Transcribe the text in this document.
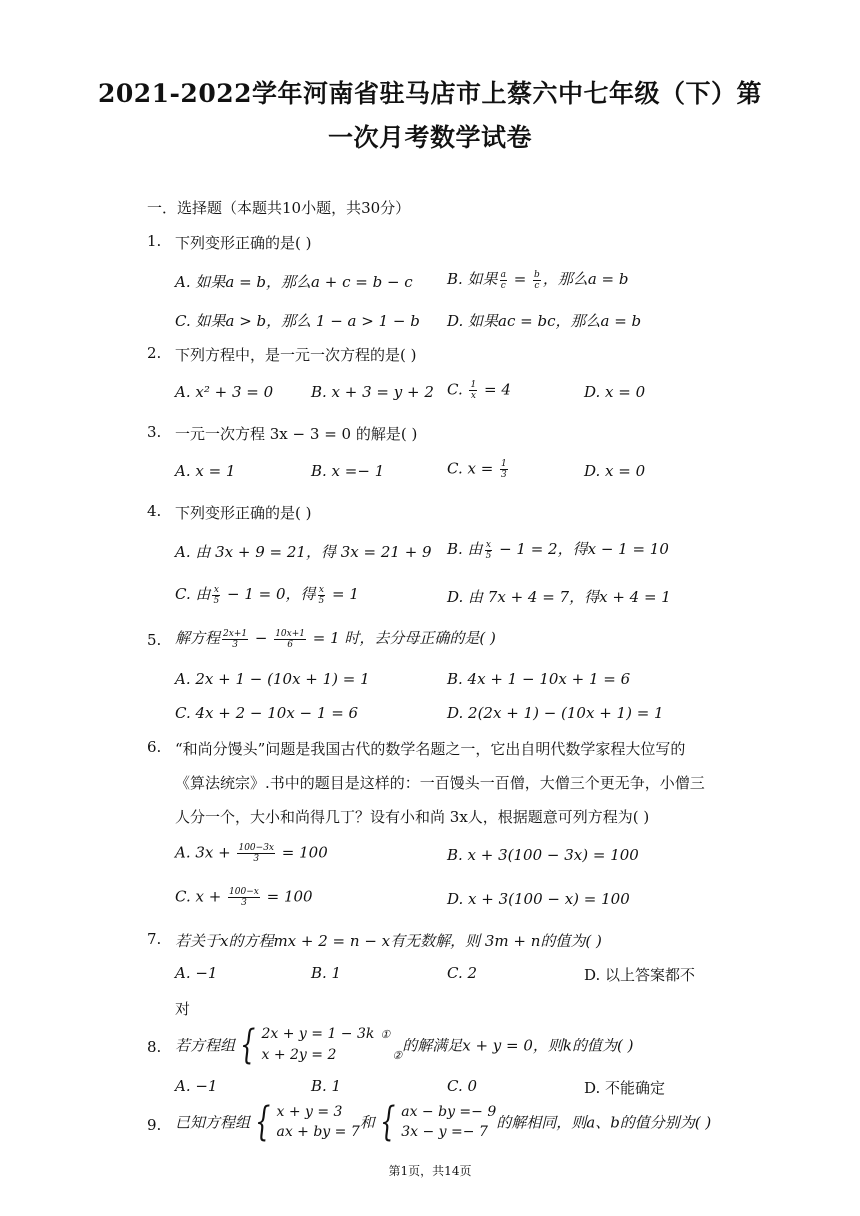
2021-2022学年河南省驻马店市上蔡六中七年级（下）第
一次月考数学试卷
一．选择题（本题共10小题，共30分）
1. 下列变形正确的是( )
A. 如果a = b，那么a + c = b − c B. 如果 $\frac{a}{c} = \frac{b}{c}$ ，那么a = b
C. 如果a > b，那么 1 − a > 1 − b D. 如果ac = bc，那么a = b
2. 下列方程中，是一元一次方程的是( )
A. x² + 3 = 0	B. x + 3 = y + 2 C. $\frac{1}{x} = 4$	D. x = 0
3. 一元一次方程 3x − 3 = 0 的解是( )
A. x = 1	B. x =− 1	C. $x = \frac{1}{3}$	D. x = 0
4. 下列变形正确的是( )
A. 由 3x + 9 = 21，得 3x = 21 + 9 B. 由 $\frac{x}{5} - 1 = 2$，得x − 1 = 10
C. 由 $\frac{x}{5} - 1 = 0$，得 $\frac{x}{5} = 1$	D. 由 7x + 4 = 7，得x + 4 = 1
5. 解方程 $\frac{2x+1}{3} - \frac{10x+1}{6} = 1$ 时，去分母正确的是( )
A. 2x + 1 − (10x + 1) = 1	B. 4x + 1 − 10x + 1 = 6
C. 4x + 2 − 10x − 1 = 6	D. 2(2x + 1) − (10x + 1) = 1
6. “和尚分馒头”问题是我国古代的数学名题之一，它出自明代数学家程大位写的
《算法统宗》.书中的题目是这样的：一百馒头一百僧，大僧三个更无争，小僧三
人分一个，大小和尚得几丁？设有小和尚 3x人，根据题意可列方程为( )
A. $3x + \frac{100-3x}{3} = 100$	B. x + 3(100 − 3x) = 100
C. $x + \frac{100-x}{3} = 100$	D. x + 3(100 − x) = 100
7. 若关于x的方程mx + 2 = n − x有无数解，则 3m + n的值为( )
A. −1	B. 1	C. 2	D. 以上答案都不
对
8. 若方程组 { 2x + y = 1 − 3k ①
x + 2y = 2	②
的解满足x + y = 0，则k的值为( )
A. −1	B. 1	C. 0	D. 不能确定
9. 已知方程组 { x + y = 3
ax + by = 7
和 { ax − by =− 9
3x − y =− 7
的解相同，则a、b的值分别为( )
第1页，共14页
